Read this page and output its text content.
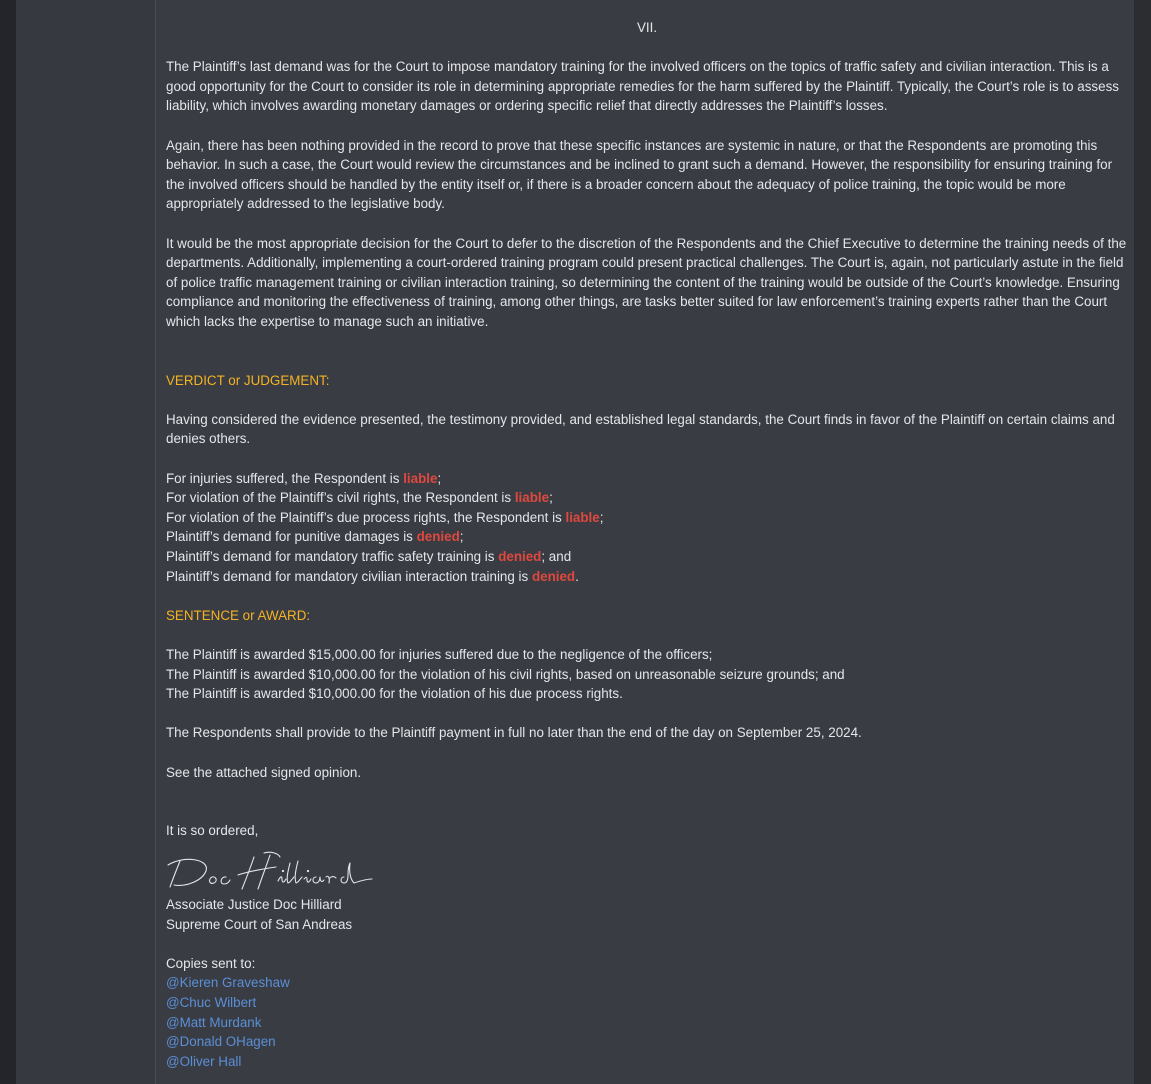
VII.

The Plaintiff’s last demand was for the Court to impose mandatory training for the involved officers on the topics of traffic safety and civilian interaction. This is a good opportunity for the Court to consider its role in determining appropriate remedies for the harm suffered by the Plaintiff. Typically, the Court’s role is to assess liability, which involves awarding monetary damages or ordering specific relief that directly addresses the Plaintiff’s losses.

Again, there has been nothing provided in the record to prove that these specific instances are systemic in nature, or that the Respondents are promoting this behavior. In such a case, the Court would review the circumstances and be inclined to grant such a demand. However, the responsibility for ensuring training for the involved officers should be handled by the entity itself or, if there is a broader concern about the adequacy of police training, the topic would be more appropriately addressed to the legislative body.

It would be the most appropriate decision for the Court to defer to the discretion of the Respondents and the Chief Executive to determine the training needs of the departments. Additionally, implementing a court-ordered training program could present practical challenges. The Court is, again, not particularly astute in the field of police traffic management training or civilian interaction training, so determining the content of the training would be outside of the Court’s knowledge. Ensuring compliance and monitoring the effectiveness of training, among other things, are tasks better suited for law enforcement’s training experts rather than the Court which lacks the expertise to manage such an initiative.

VERDICT or JUDGEMENT:

Having considered the evidence presented, the testimony provided, and established legal standards, the Court finds in favor of the Plaintiff on certain claims and denies others.

For injuries suffered, the Respondent is liable;

For violation of the Plaintiff’s civil rights, the Respondent is liable;

For violation of the Plaintiff’s due process rights, the Respondent is liable;

Plaintiff’s demand for punitive damages is denied;

Plaintiff’s demand for mandatory traffic safety training is denied; and

Plaintiff’s demand for mandatory civilian interaction training is denied.

SENTENCE or AWARD:

The Plaintiff is awarded $15,000.00 for injuries suffered due to the negligence of the officers;

The Plaintiff is awarded $10,000.00 for the violation of his civil rights, based on unreasonable seizure grounds; and

The Plaintiff is awarded $10,000.00 for the violation of his due process rights.

The Respondents shall provide to the Plaintiff payment in full no later than the end of the day on September 25, 2024.

See the attached signed opinion.

It is so ordered,

Associate Justice Doc Hilliard

Supreme Court of San Andreas

Copies sent to:

@Kieren Graveshaw
@Chuc Wilbert
@Matt Murdank
@Donald OHagen
@Oliver Hall
